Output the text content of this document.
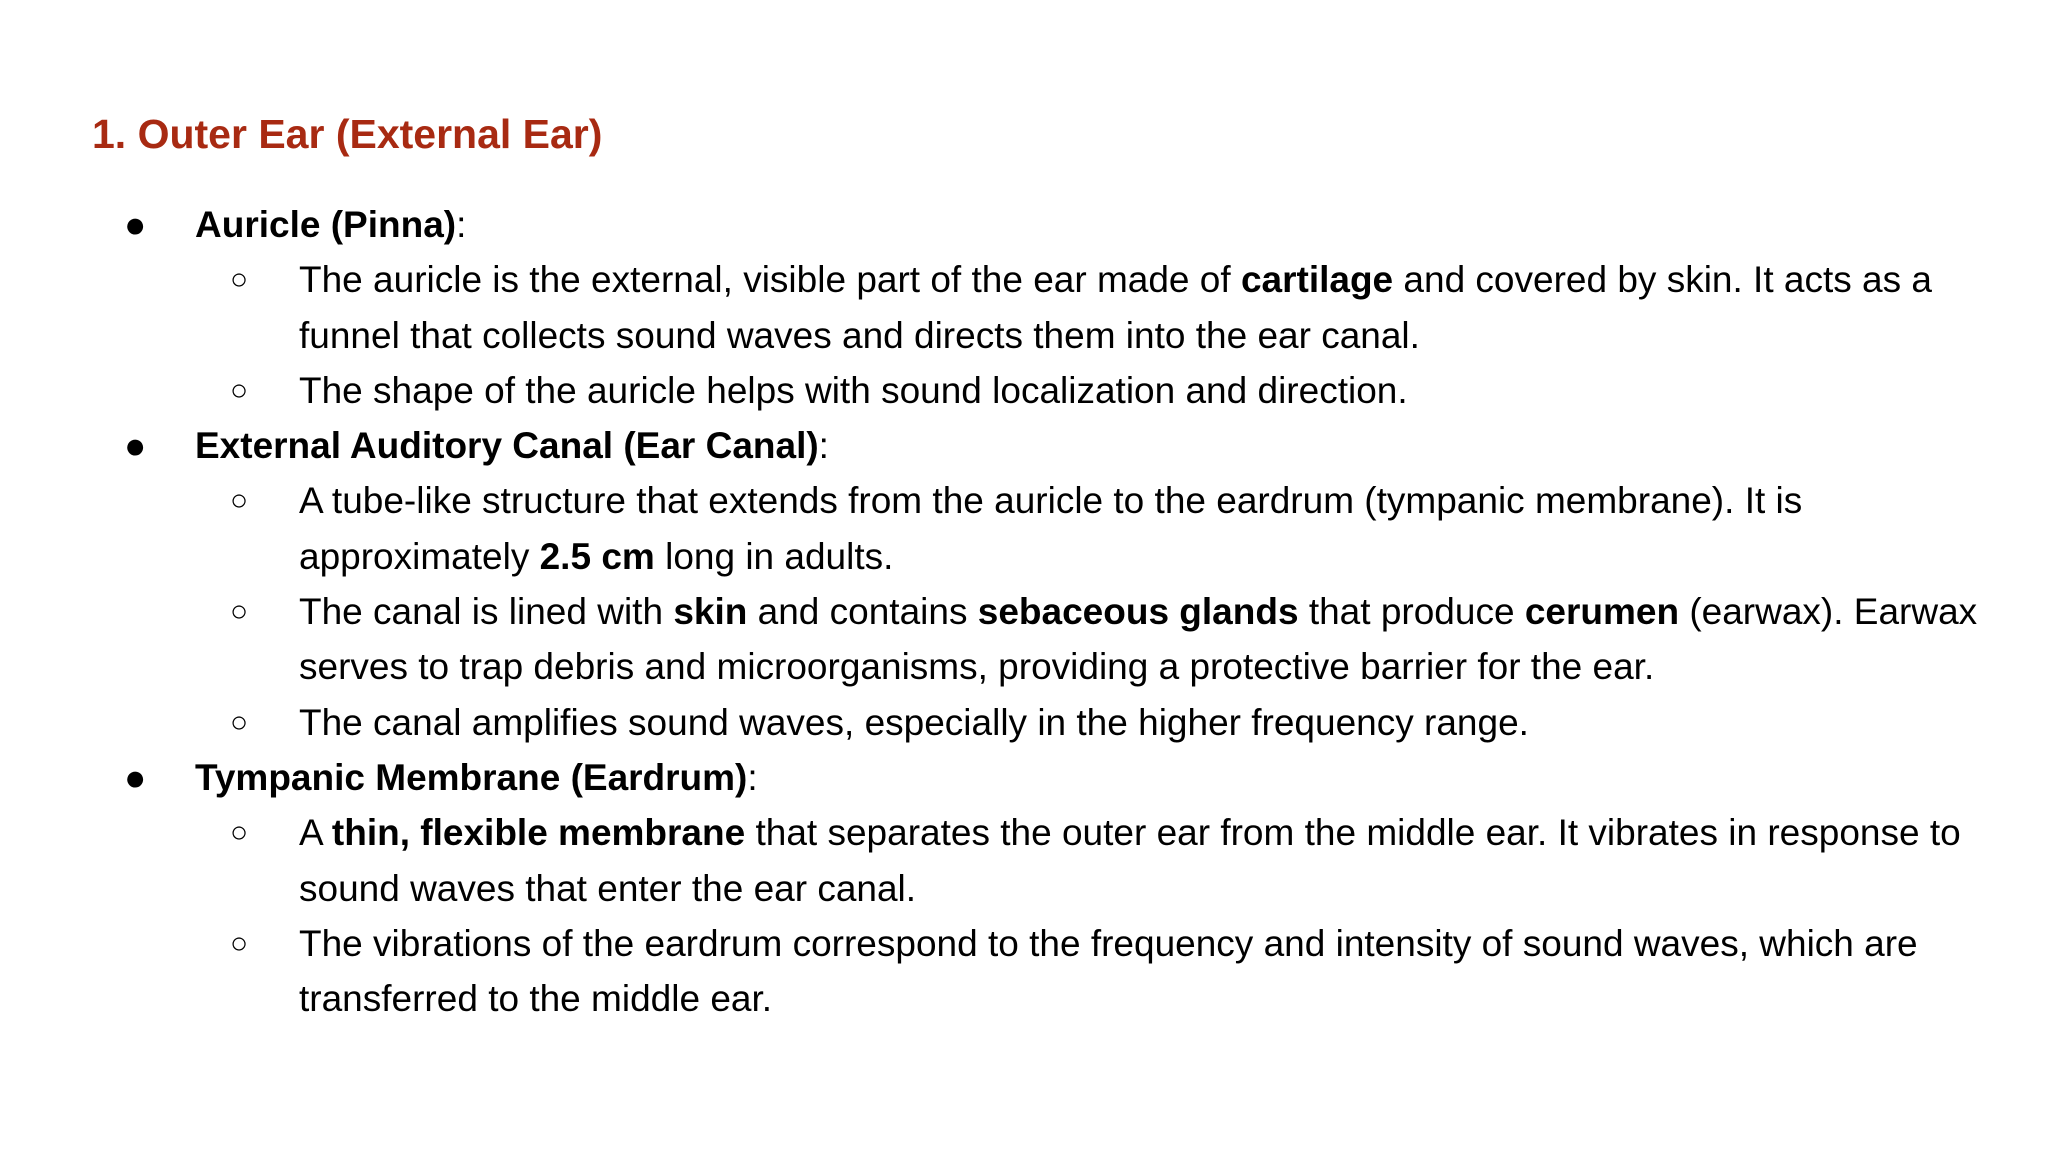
1. Outer Ear (External Ear)
● Auricle (Pinna):
○ The auricle is the external, visible part of the ear made of cartilage and covered by skin. It acts as a funnel that collects sound waves and directs them into the ear canal.
○ The shape of the auricle helps with sound localization and direction.
● External Auditory Canal (Ear Canal):
○ A tube-like structure that extends from the auricle to the eardrum (tympanic membrane). It is approximately 2.5 cm long in adults.
○ The canal is lined with skin and contains sebaceous glands that produce cerumen (earwax). Earwax serves to trap debris and microorganisms, providing a protective barrier for the ear.
○ The canal amplifies sound waves, especially in the higher frequency range.
● Tympanic Membrane (Eardrum):
○ A thin, flexible membrane that separates the outer ear from the middle ear. It vibrates in response to sound waves that enter the ear canal.
○ The vibrations of the eardrum correspond to the frequency and intensity of sound waves, which are transferred to the middle ear.
